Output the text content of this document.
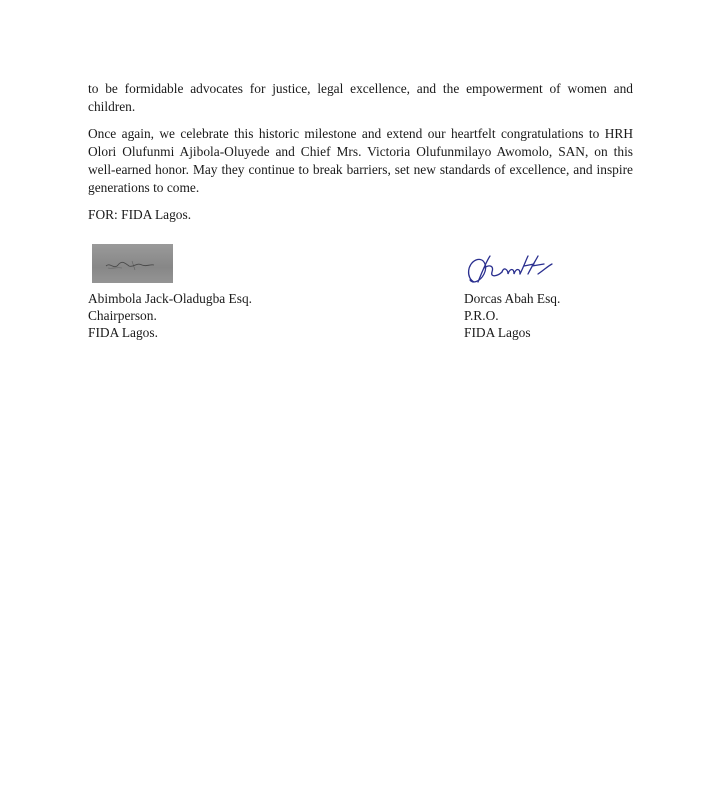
to be formidable advocates for justice, legal excellence, and the empowerment of women and children.

Once again, we celebrate this historic milestone and extend our heartfelt congratulations to HRH Olori Olufunmi Ajibola-Oluyede and Chief Mrs. Victoria Olufunmilayo Awomolo, SAN, on this well-earned honor. May they continue to break barriers, set new standards of excellence, and inspire generations to come.

FOR: FIDA Lagos.

Abimbola Jack-Oladugba Esq.
Chairperson.
FIDA Lagos.
Dorcas Abah Esq.
P.R.O.
FIDA Lagos
